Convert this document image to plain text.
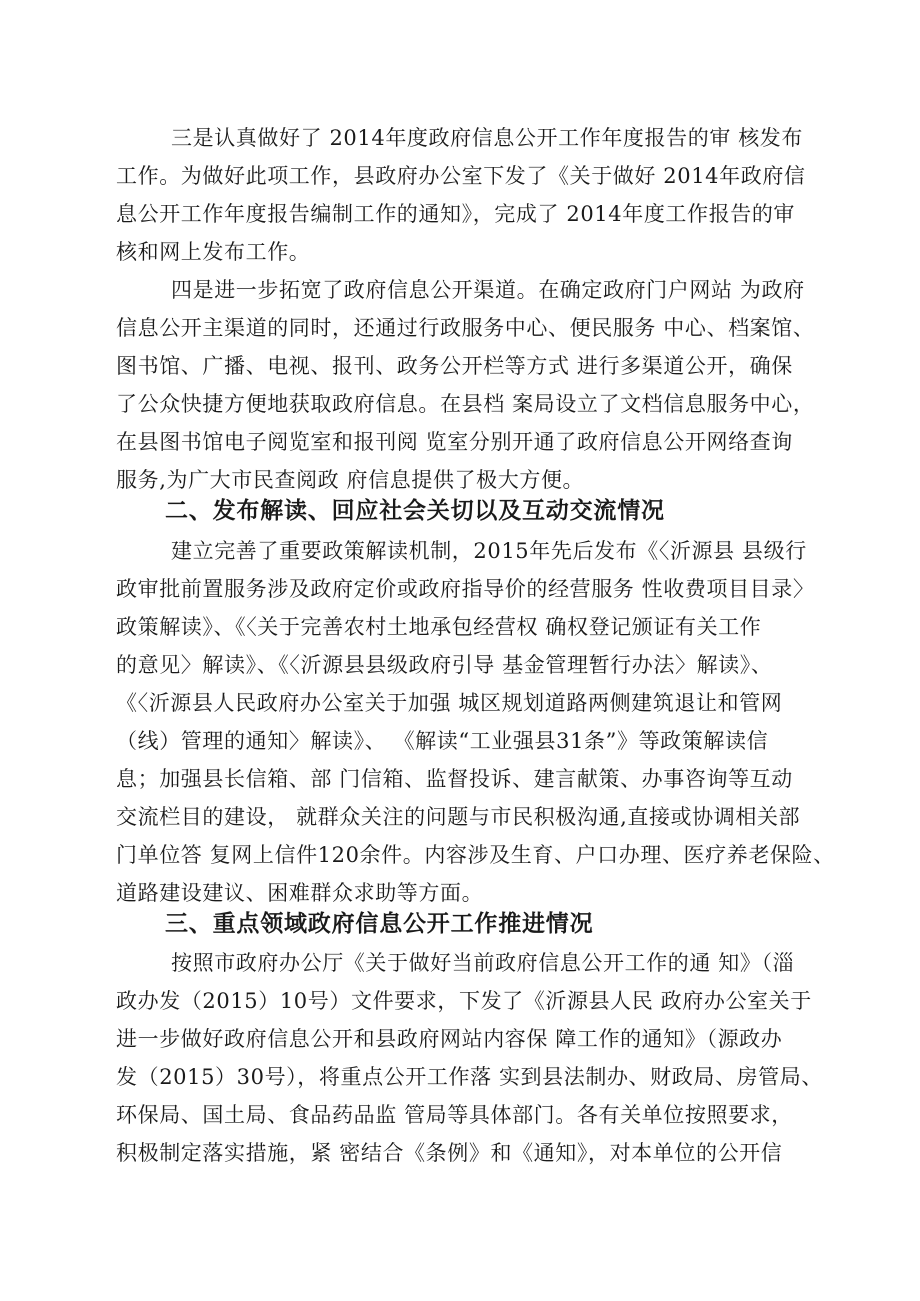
三是认真做好了 2014年度政府信息公开工作年度报告的审 核发布
工作。为做好此项工作，县政府办公室下发了《关于做好 2014年政府信
息公开工作年度报告编制工作的通知》，完成了 2014年度工作报告的审
核和网上发布工作。
四是进一步拓宽了政府信息公开渠道。在确定政府门户网站 为政府
信息公开主渠道的同时，还通过行政服务中心、便民服务 中心、档案馆、
图书馆、广播、电视、报刊、政务公开栏等方式 进行多渠道公开，确保
了公众快捷方便地获取政府信息。在县档 案局设立了文档信息服务中心，
在县图书馆电子阅览室和报刊阅 览室分别开通了政府信息公开网络查询
服务,为广大市民查阅政 府信息提供了极大方便。
二、发布解读、回应社会关切以及互动交流情况
建立完善了重要政策解读机制，2015年先后发布《〈沂源县 县级行
政审批前置服务涉及政府定价或政府指导价的经营服务 性收费项目目录〉
政策解读》、《〈关于完善农村土地承包经营权 确权登记颁证有关工作
的意见〉解读》、《〈沂源县县级政府引导 基金管理暂行办法〉解读》、
《〈沂源县人民政府办公室关于加强 城区规划道路两侧建筑退让和管网
（线）管理的通知〉解读》、 《解读“工业强县31条”》等政策解读信
息；加强县长信箱、部 门信箱、监督投诉、建言献策、办事咨询等互动
交流栏目的建设， 就群众关注的问题与市民积极沟通,直接或协调相关部
门单位答 复网上信件120余件。内容涉及生育、户口办理、医疗养老保险、
道路建设建议、困难群众求助等方面。
三、重点领域政府信息公开工作推进情况
按照市政府办公厅《关于做好当前政府信息公开工作的通 知》（淄
政办发（2015）10号）文件要求，下发了《沂源县人民 政府办公室关于
进一步做好政府信息公开和县政府网站内容保 障工作的通知》（源政办
发（2015）30号），将重点公开工作落 实到县法制办、财政局、房管局、
环保局、国土局、食品药品监 管局等具体部门。各有关单位按照要求，
积极制定落实措施，紧 密结合《条例》和《通知》，对本单位的公开信
